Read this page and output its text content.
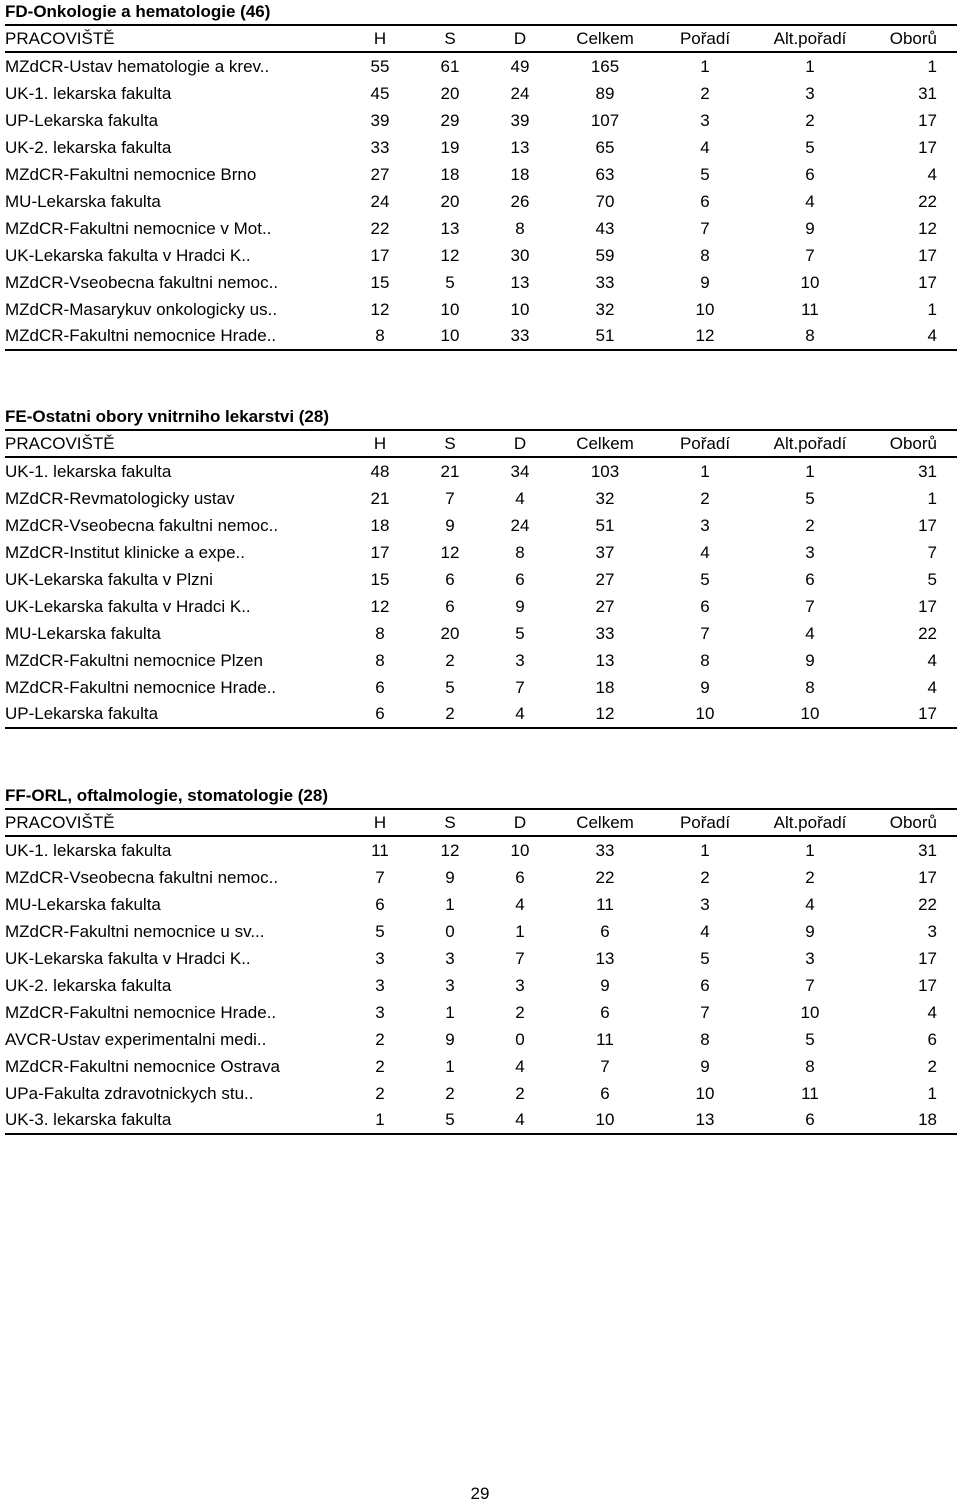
FD-Onkologie a hematologie (46)
PRACOVIŠTĚ	H	S	D	Celkem	Pořadí	Alt.pořadí	Oborů
MZdCR-Ustav hematologie a krev..	55	61	49	165	1	1	1
UK-1. lekarska fakulta	45	20	24	89	2	3	31
UP-Lekarska fakulta	39	29	39	107	3	2	17
UK-2. lekarska fakulta	33	19	13	65	4	5	17
MZdCR-Fakultni nemocnice Brno	27	18	18	63	5	6	4
MU-Lekarska fakulta	24	20	26	70	6	4	22
MZdCR-Fakultni nemocnice v Mot..	22	13	8	43	7	9	12
UK-Lekarska fakulta v Hradci K..	17	12	30	59	8	7	17
MZdCR-Vseobecna fakultni nemoc..	15	5	13	33	9	10	17
MZdCR-Masarykuv onkologicky us..	12	10	10	32	10	11	1
MZdCR-Fakultni nemocnice Hrade..	8	10	33	51	12	8	4
FE-Ostatni obory vnitrniho lekarstvi (28)
PRACOVIŠTĚ	H	S	D	Celkem	Pořadí	Alt.pořadí	Oborů
UK-1. lekarska fakulta	48	21	34	103	1	1	31
MZdCR-Revmatologicky ustav	21	7	4	32	2	5	1
MZdCR-Vseobecna fakultni nemoc..	18	9	24	51	3	2	17
MZdCR-Institut klinicke a expe..	17	12	8	37	4	3	7
UK-Lekarska fakulta v Plzni	15	6	6	27	5	6	5
UK-Lekarska fakulta v Hradci K..	12	6	9	27	6	7	17
MU-Lekarska fakulta	8	20	5	33	7	4	22
MZdCR-Fakultni nemocnice Plzen	8	2	3	13	8	9	4
MZdCR-Fakultni nemocnice Hrade..	6	5	7	18	9	8	4
UP-Lekarska fakulta	6	2	4	12	10	10	17
FF-ORL, oftalmologie, stomatologie (28)
PRACOVIŠTĚ	H	S	D	Celkem	Pořadí	Alt.pořadí	Oborů
UK-1. lekarska fakulta	11	12	10	33	1	1	31
MZdCR-Vseobecna fakultni nemoc..	7	9	6	22	2	2	17
MU-Lekarska fakulta	6	1	4	11	3	4	22
MZdCR-Fakultni nemocnice u sv...	5	0	1	6	4	9	3
UK-Lekarska fakulta v Hradci K..	3	3	7	13	5	3	17
UK-2. lekarska fakulta	3	3	3	9	6	7	17
MZdCR-Fakultni nemocnice Hrade..	3	1	2	6	7	10	4
AVCR-Ustav experimentalni medi..	2	9	0	11	8	5	6
MZdCR-Fakultni nemocnice Ostrava	2	1	4	7	9	8	2
UPa-Fakulta zdravotnickych stu..	2	2	2	6	10	11	1
UK-3. lekarska fakulta	1	5	4	10	13	6	18
29
